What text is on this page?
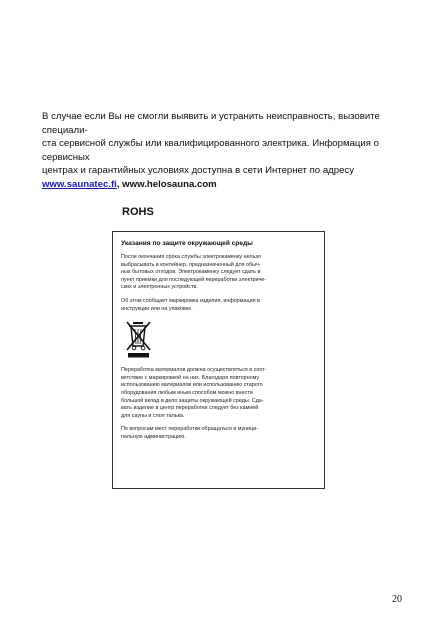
В случае если Вы не смогли выявить и устранить неисправность, вызовите специали-

ста сервисной службы или квалифицированного электрика. Информация о сервисных

центрах и гарантийных условиях доступна в сети Интернет по адресу

www.saunatec.fi, www.helosauna.com

ROHS
Указания по защите окружающей среды

После окончания срока службы электрокаменку нельзя
выбрасывать в контейнер, предназначенный для обыч-
ных бытовых отходов. Электрокаменку следует сдать в
пункт приемки для последующей переработки электриче-
ских и электронных устройств.

Об этом сообщает маркировка изделия, информация в
инструкции или на упаковке.

Переработка материалов должна осуществляться в соот-
ветствие с маркировкой на них. Благодаря повторному
использованию материалов или использованию старого
оборудования любым иным способом можно внести
большой вклад в дело защиты окружающей среды. Сда-
вать изделие в центр переработки следует без камней
для сауны и слоя талька.

По вопросам мест переработки обращаться в муници-
пальную администрацию.

20
